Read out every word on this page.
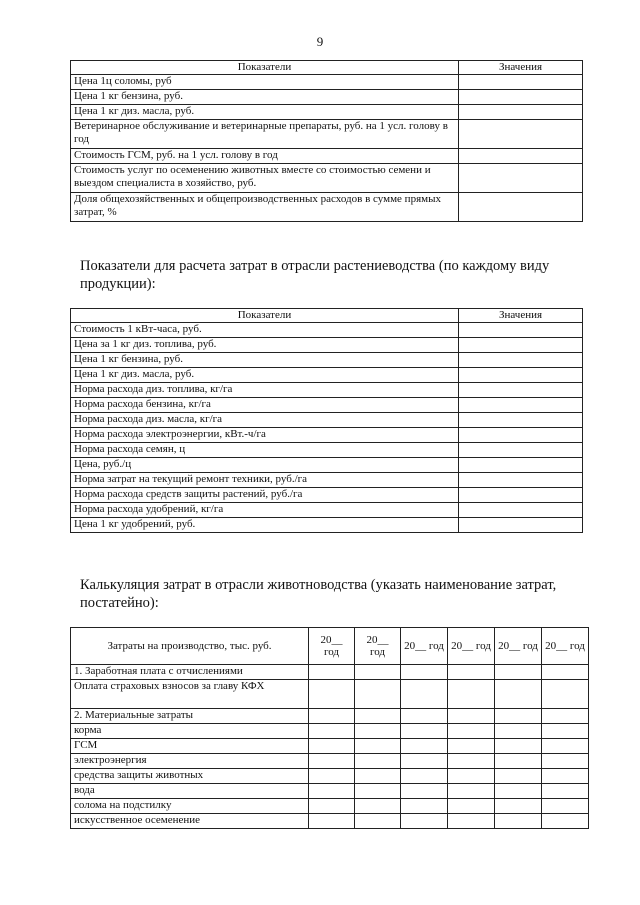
9
Показатели	Значения
Цена 1ц соломы, руб	
Цена 1 кг бензина, руб.	
Цена 1 кг диз. масла, руб.	
Ветеринарное обслуживание и ветеринарные препараты, руб. на 1 усл. голову в год	
Стоимость ГСМ, руб. на 1 усл. голову в год	
Стоимость услуг по осеменению животных вместе со стоимостью семени и выездом специалиста в хозяйство, руб.	
Доля общехозяйственных и общепроизводственных расходов в сумме прямых затрат, %	
Показатели для расчета затрат в отрасли растениеводства (по каждому виду продукции):
Показатели	Значения
Стоимость 1 кВт-часа, руб.	
Цена за 1 кг диз. топлива, руб.	
Цена 1 кг бензина, руб.	
Цена 1 кг диз. масла, руб.	
Норма расхода диз. топлива, кг/га	
Норма расхода бензина, кг/га	
Норма расхода диз. масла, кг/га	
Норма расхода электроэнергии, кВт.-ч/га	
Норма расхода семян, ц	
Цена, руб./ц	
Норма затрат на текущий ремонт техники, руб./га	
Норма расхода средств защиты растений, руб./га	
Норма расхода удобрений, кг/га	
Цена 1 кг удобрений, руб.	
Калькуляция затрат в отрасли животноводства (указать наименование затрат, постатейно):
Затраты на производство, тыс. руб.	20__ год	20__ год	20__ год	20__ год	20__ год	20__ год
1. Заработная плата с отчислениями						
Оплата страховых взносов за главу КФХ						
2. Материальные затраты						
корма						
ГСМ						
электроэнергия						
средства защиты животных						
вода						
солома на подстилку						
искусственное осеменение						
